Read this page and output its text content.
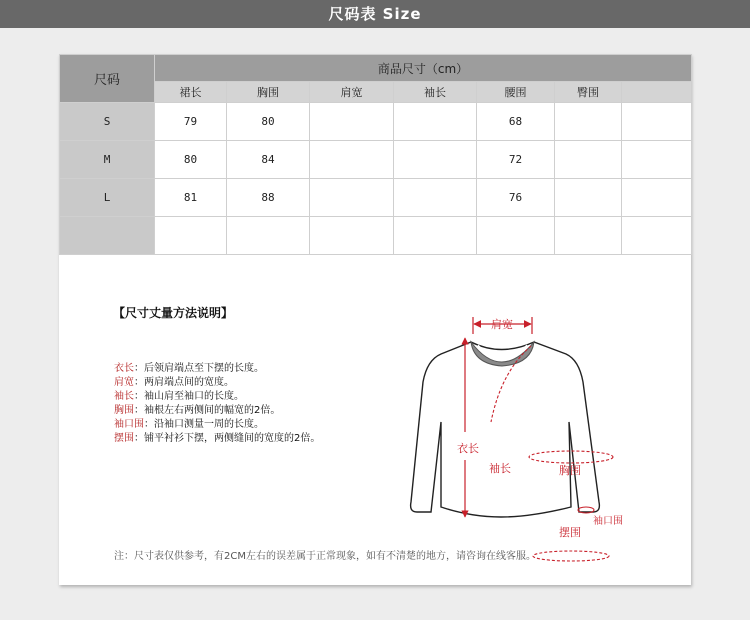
尺码表 Size
尺码	商品尺寸（cm）						
	裙长	胸围	肩宽	袖长	腰围	臀围	
S	79	80			68		
M	80	84			72		
L	81	88			76		

【尺寸丈量方法说明】
衣长：后领肩端点至下摆的长度。
肩宽：两肩端点间的宽度。
袖长：袖山肩至袖口的长度。
胸围：袖根左右两侧间的幅宽的2倍。
袖口围：沿袖口测量一周的长度。
摆围：铺平衬衫下摆，两侧缝间的宽度的2倍。
肩宽
衣长
袖长	胸围
摆围
袖口围
注：尺寸表仅供参考，有2CM左右的误差属于正常现象，如有不清楚的地方，请咨询在线客服。
